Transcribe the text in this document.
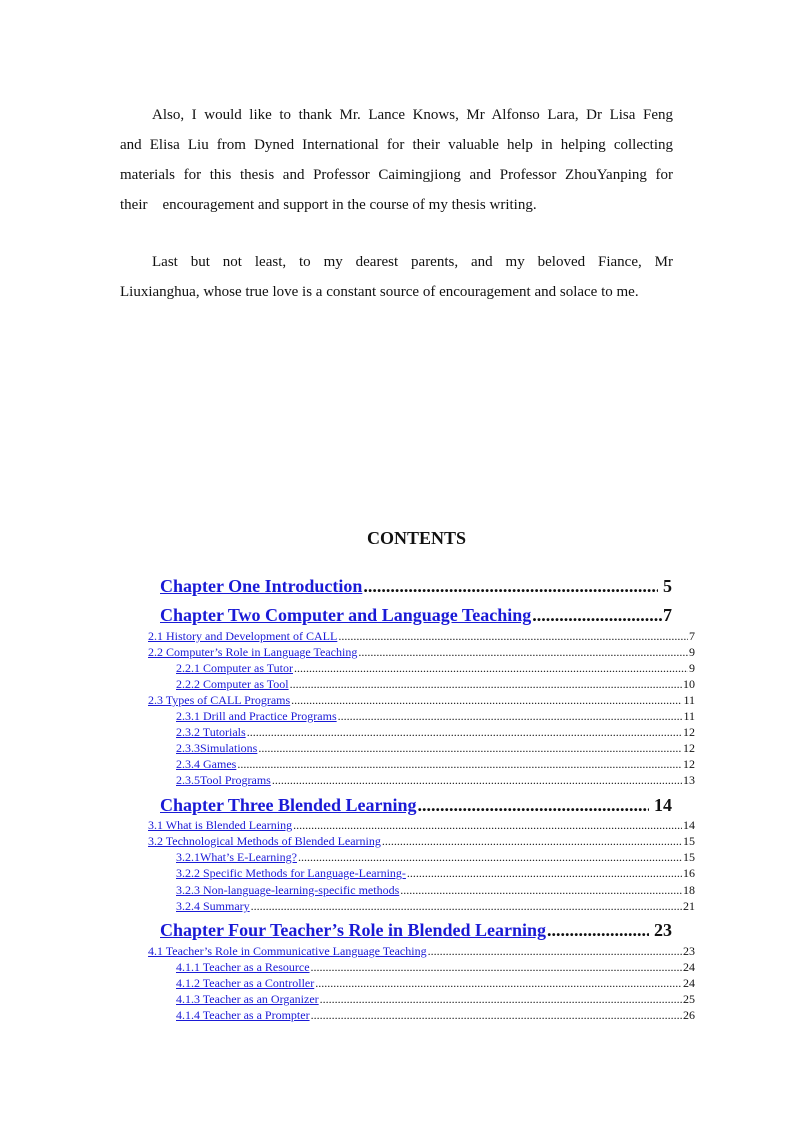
Also, I would like to thank Mr. Lance Knows, Mr Alfonso Lara, Dr Lisa Feng
and Elisa Liu from Dyned International for their valuable help in helping collecting
materials for this thesis and Professor Caimingjiong and Professor ZhouYanping for
their    encouragement and support in the course of my thesis writing.
Last but not least, to my dearest parents, and my beloved Fiance, Mr
Liuxianghua, whose true love is a constant source of encouragement and solace to me.
CONTENTS
Chapter One Introduction .....	5
Chapter Two Computer and Language Teaching .....	7
2.1 History and Development of CALL .....	7
2.2 Computer’s Role in Language Teaching .....	9
2.2.1 Computer as Tutor .....	9
2.2.2 Computer as Tool .....	10
2.3 Types of CALL Programs .....	11
2.3.1 Drill and Practice Programs .....	11
2.3.2 Tutorials .....	12
2.3.3Simulations .....	12
2.3.4 Games .....	12
2.3.5Tool Programs .....	13
Chapter Three Blended Learning .....	14
3.1 What is Blended Learning .....	14
3.2 Technological Methods of Blended Learning .....	15
3.2.1What’s E-Learning? .....	15
3.2.2 Specific Methods for Language-Learning- .....	16
3.2.3 Non-language-learning-specific methods .....	18
3.2.4 Summary .....	21
Chapter Four Teacher’s Role in Blended Learning .....	23
4.1 Teacher’s Role in Communicative Language Teaching .....	23
4.1.1 Teacher as a Resource .....	24
4.1.2 Teacher as a Controller .....	24
4.1.3 Teacher as an Organizer .....	25
4.1.4 Teacher as a Prompter .....	26
